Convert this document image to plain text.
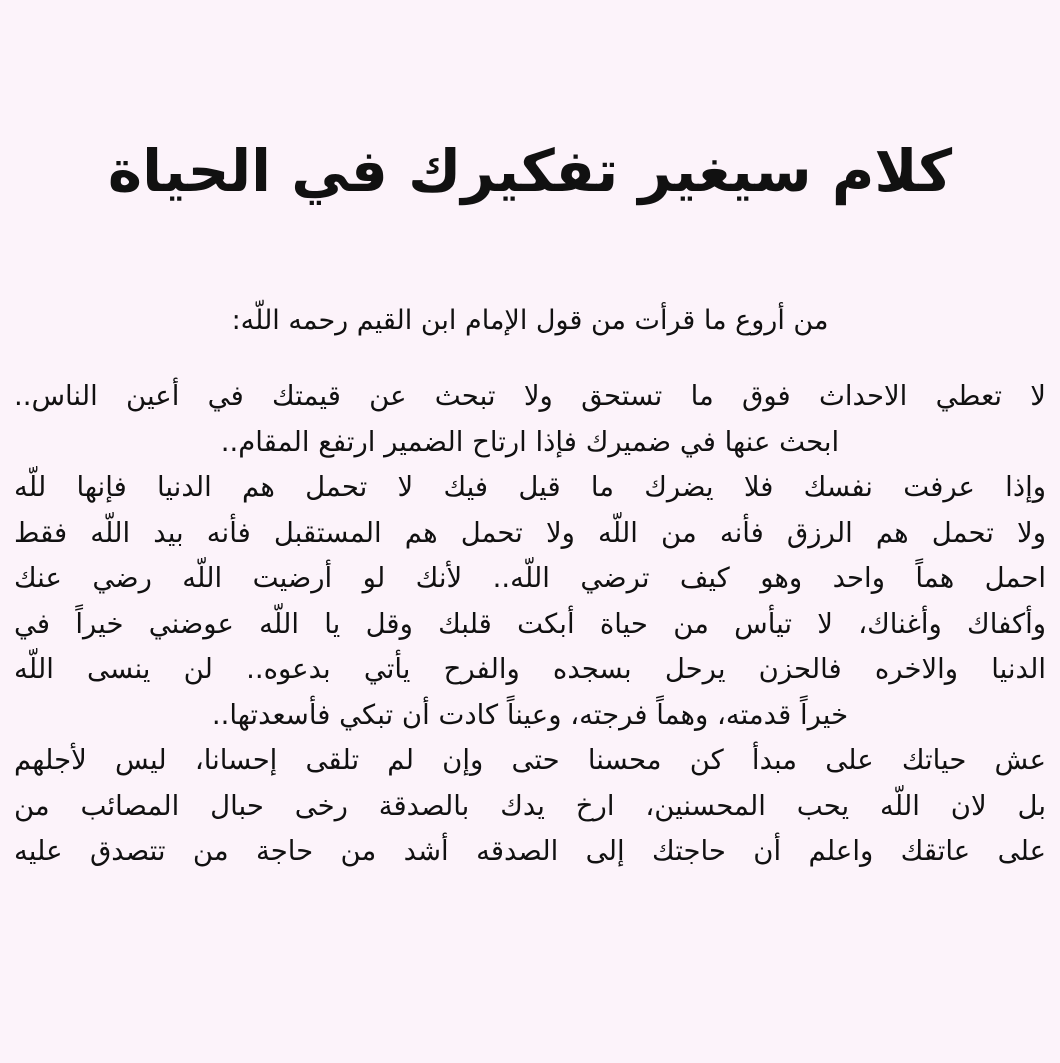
كلام سيغير تفكيرك في الحياة

من أروع ما قرأت من قول الإمام ابن القيم رحمه اللّه:

لا تعطي الاحداث فوق ما تستحق ولا تبحث عن قيمتك في أعين الناس..
ابحث عنها في ضميرك فإذا ارتاح الضمير ارتفع المقام..
وإذا عرفت نفسك فلا يضرك ما قيل فيك لا تحمل هم الدنيا فإنها للّه
ولا تحمل هم الرزق فأنه من اللّه ولا تحمل هم المستقبل فأنه بيد اللّه فقط
احمل هماً واحد وهو كيف ترضي اللّه.. لأنك لو أرضيت اللّه رضي عنك
وأكفاك وأغناك، لا تيأس من حياة أبكت قلبك وقل يا اللّه عوضني خيراً في
الدنيا والاخره فالحزن يرحل بسجده والفرح يأتي بدعوه.. لن ينسى اللّه
خيراً قدمته، وهماً فرجته، وعيناً كادت أن تبكي فأسعدتها..
عش حياتك على مبدأ كن محسنا حتى وإن لم تلقى إحسانا، ليس لأجلهم
بل لان اللّه يحب المحسنين، ارخ يدك بالصدقة رخى حبال المصائب من
على عاتقك واعلم أن حاجتك إلى الصدقه أشد من حاجة من تتصدق عليه
